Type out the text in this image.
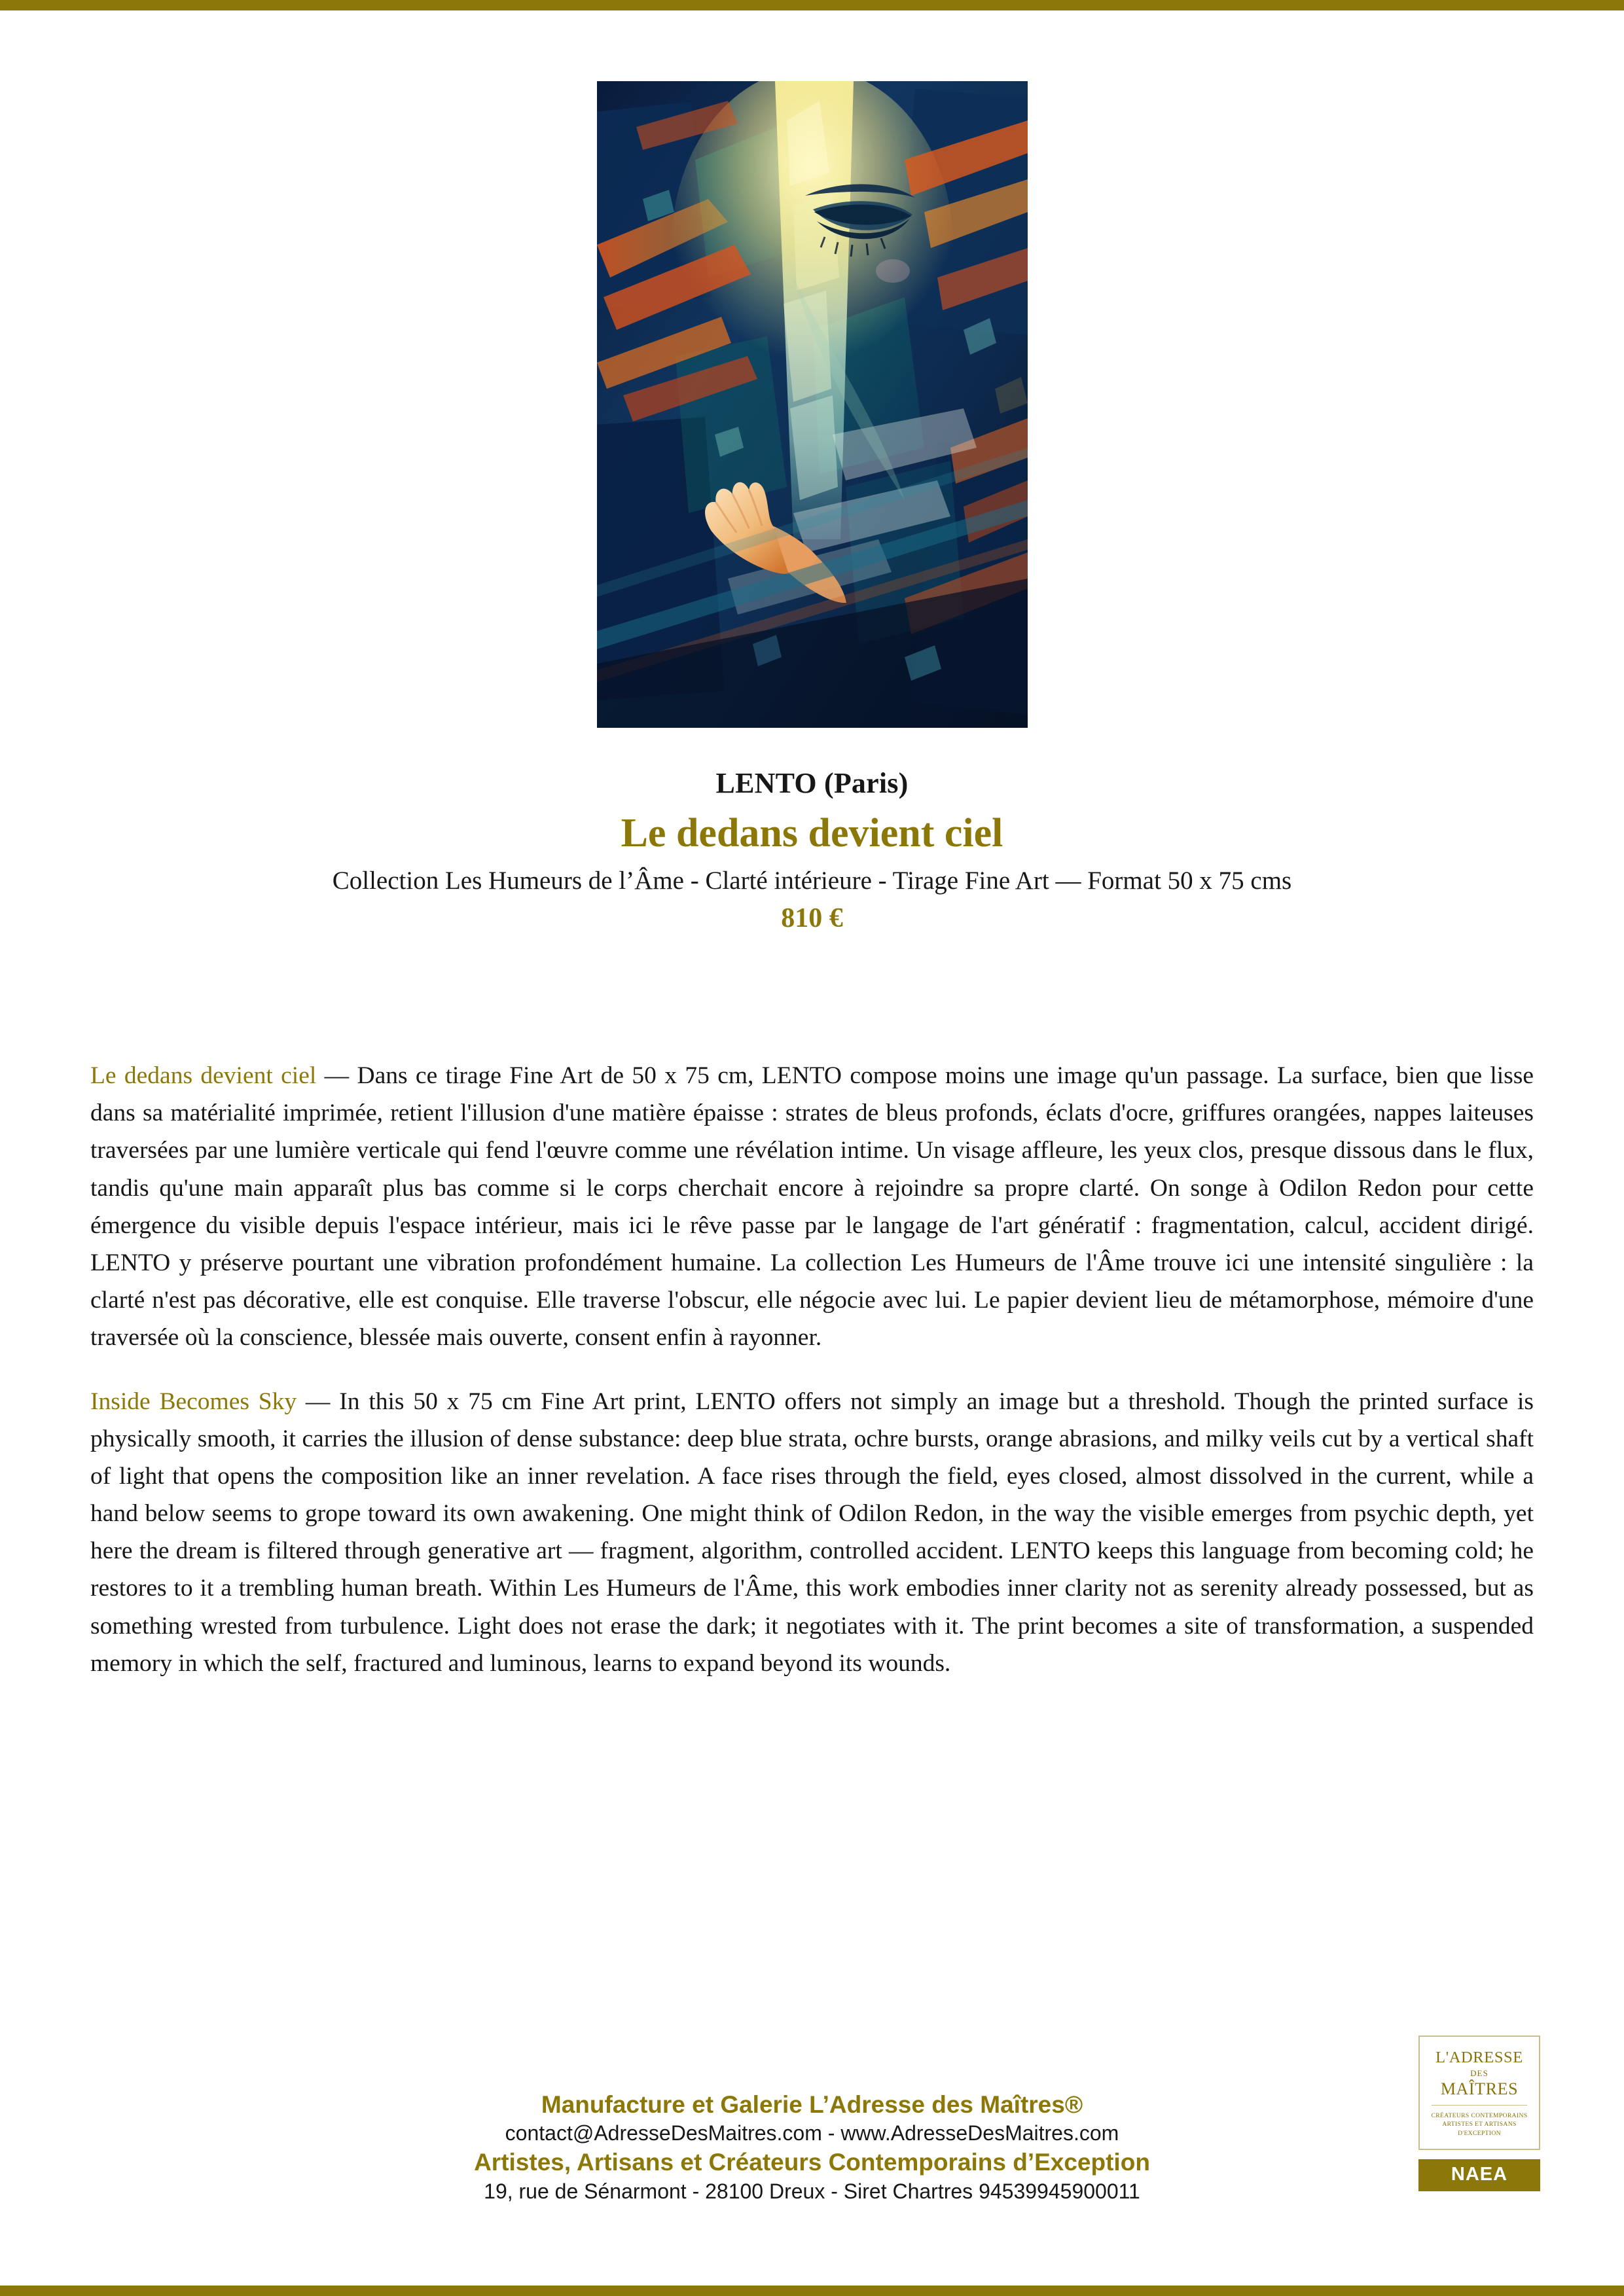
LENTO (Paris)
Le dedans devient ciel
Collection Les Humeurs de l’Âme - Clarté intérieure - Tirage Fine Art — Format 50 x 75 cms
810 €

Le dedans devient ciel — Dans ce tirage Fine Art de 50 x 75 cm, LENTO compose moins une image qu'un passage. La surface, bien que lisse dans sa matérialité imprimée, retient l'illusion d'une matière épaisse : strates de bleus profonds, éclats d'ocre, griffures orangées, nappes laiteuses traversées par une lumière verticale qui fend l'œuvre comme une révélation intime. Un visage affleure, les yeux clos, presque dissous dans le flux, tandis qu'une main apparaît plus bas comme si le corps cherchait encore à rejoindre sa propre clarté. On songe à Odilon Redon pour cette émergence du visible depuis l'espace intérieur, mais ici le rêve passe par le langage de l'art génératif : fragmentation, calcul, accident dirigé. LENTO y préserve pourtant une vibration profondément humaine. La collection Les Humeurs de l'Âme trouve ici une intensité singulière : la clarté n'est pas décorative, elle est conquise. Elle traverse l'obscur, elle négocie avec lui. Le papier devient lieu de métamorphose, mémoire d'une traversée où la conscience, blessée mais ouverte, consent enfin à rayonner.

Inside Becomes Sky — In this 50 x 75 cm Fine Art print, LENTO offers not simply an image but a threshold. Though the printed surface is physically smooth, it carries the illusion of dense substance: deep blue strata, ochre bursts, orange abrasions, and milky veils cut by a vertical shaft of light that opens the composition like an inner revelation. A face rises through the field, eyes closed, almost dissolved in the current, while a hand below seems to grope toward its own awakening. One might think of Odilon Redon, in the way the visible emerges from psychic depth, yet here the dream is filtered through generative art — fragment, algorithm, controlled accident. LENTO keeps this language from becoming cold; he restores to it a trembling human breath. Within Les Humeurs de l'Âme, this work embodies inner clarity not as serenity already possessed, but as something wrested from turbulence. Light does not erase the dark; it negotiates with it. The print becomes a site of transformation, a suspended memory in which the self, fractured and luminous, learns to expand beyond its wounds.

Manufacture et Galerie L’Adresse des Maîtres®
contact@AdresseDesMaitres.com - www.AdresseDesMaitres.com
Artistes, Artisans et Créateurs Contemporains d’Exception
19, rue de Sénarmont - 28100 Dreux - Siret Chartres 94539945900011
L'ADRESSE
DES
MAÎTRES
CRÉATEURS CONTEMPORAINS
ARTISTES ET ARTISANS
D'EXCEPTION
NAEA
